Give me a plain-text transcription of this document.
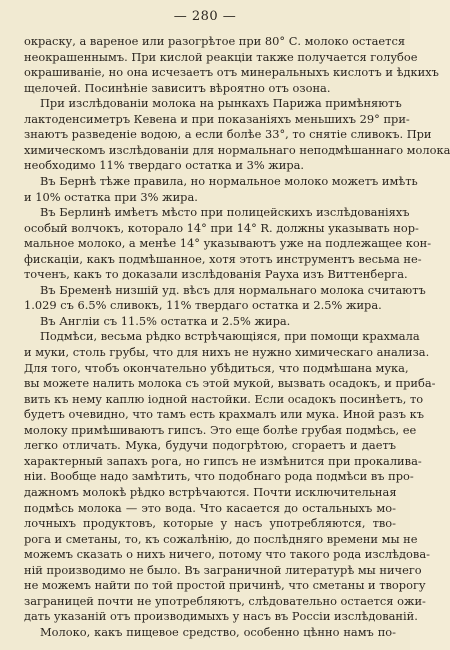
— 280 —
окраску, а вареное или разогрѣтое при 80° С. молоко остается
неокрашеннымъ. При кислой реакціи также получается голубое
окрашиваніе, но она исчезаетъ отъ минеральныхъ кислотъ и ѣдкихъ
щелочей. Посинѣніе зависитъ вѣроятно отъ озона.
При изслѣдованіи молока на рынкахъ Парижа примѣняютъ
лактоденсиметръ Кевена и при показаніяхъ меньшихъ 29° при-
знаютъ разведеніе водою, а если болѣе 33°, то снятіе сливокъ. При
химическомъ изслѣдованіи для нормальнаго неподмѣшаннаго молока
необходимо 11% твердаго остатка и 3% жира.
Въ Бернѣ тѣже правила, но нормальное молоко можетъ имѣть
и 10% остатка при 3% жира.
Въ Берлинѣ имѣетъ мѣсто при полицейскихъ изслѣдованіяхъ
особый волчокъ, которало 14° при 14° R. должны указывать нор-
мальное молоко, а менѣе 14° указываютъ уже на подлежащее кон-
фискаціи, какъ подмѣшанное, хотя этотъ инструментъ весьма не-
точенъ, какъ то доказали изслѣдованія Рауха изъ Виттенберга.
Въ Бременѣ низшій уд. вѣсъ для нормальнаго молока считаютъ
1.029 съ 6.5% сливокъ, 11% твердаго остатка и 2.5% жира.
Въ Англіи съ 11.5% остатка и 2.5% жира.
Подмѣси, весьма рѣдко встрѣчающіяся, при помощи крахмала
и муки, столь грубы, что для нихъ не нужно химическаго анализа.
Для того, чтобъ окончательно убѣдиться, что подмѣшана мука,
вы можете налить молока съ этой мукой, вызвать осадокъ, и приба-
вить къ нему каплю іодной настойки. Если осадокъ посинѣетъ, то
будетъ очевидно, что тамъ есть крахмалъ или мука. Иной разъ къ
молоку примѣшиваютъ гипсъ. Это еще болѣе грубая подмѣсь, ее
легко отличать. Мука, будучи подогрѣтою, сгораетъ и даетъ
характерный запахъ рога, но гипсъ не измѣнится при прокалива-
ніи. Вообще надо замѣтить, что подобнаго рода подмѣси въ про-
дажномъ молокѣ рѣдко встрѣчаются. Почти исключительная
подмѣсь молока — это вода. Что касается до остальныхъ мо-
лочныхъ продуктовъ, которые у насъ употребляются, тво-
рога и сметаны, то, къ сожалѣнію, до послѣдняго времени мы не
можемъ сказать о нихъ ничего, потому что такого рода изслѣдова-
ній производимо не было. Въ заграничной литературѣ мы ничего
не можемъ найти по той простой причинѣ, что сметаны и творогу
заграницей почти не употребляютъ, слѣдовательно остается ожи-
дать указаній отъ производимыхъ у насъ въ Россіи изслѣдованій.
Молоко, какъ пищевое средство, особенно цѣнно намъ по-
